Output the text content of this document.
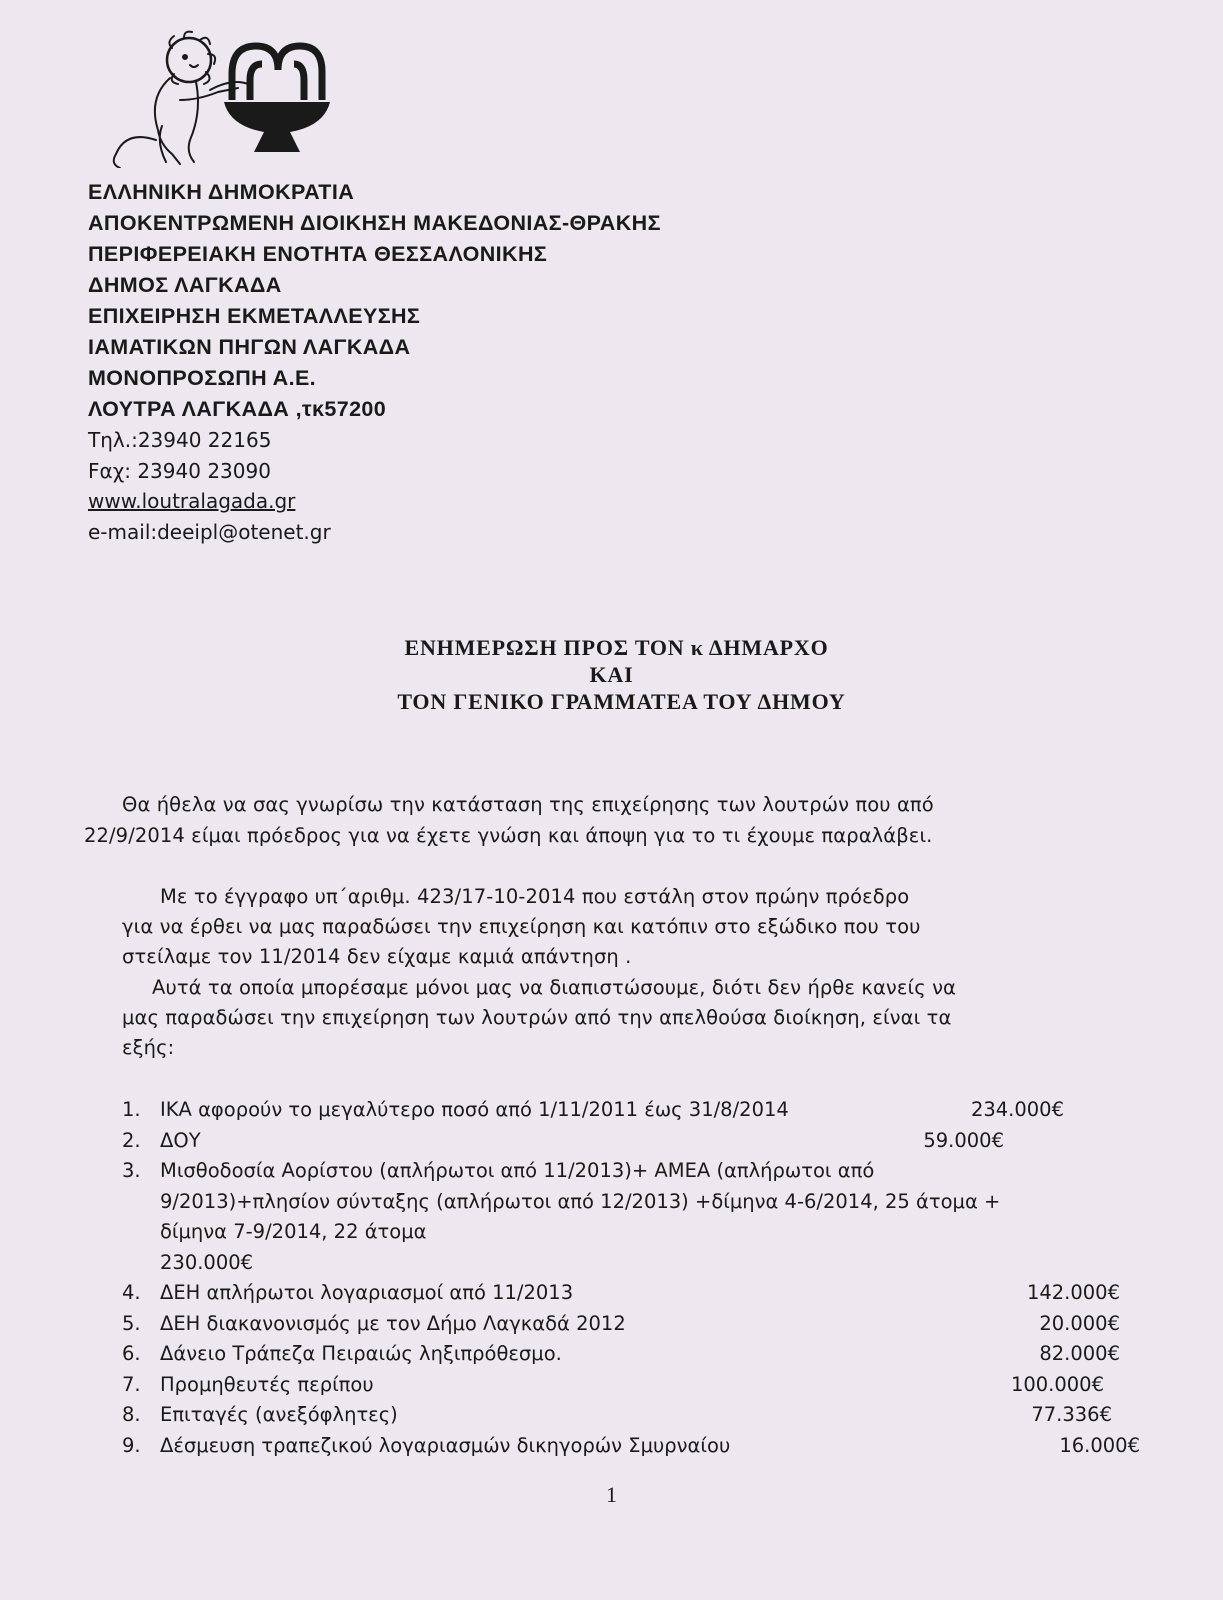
ΕΛΛΗΝΙΚΗ ΔΗΜΟΚΡΑΤΙΑ
ΑΠΟΚΕΝΤΡΩΜΕΝΗ ΔΙΟΙΚΗΣΗ ΜΑΚΕΔΟΝΙΑΣ-ΘΡΑΚΗΣ
ΠΕΡΙΦΕΡΕΙΑΚΗ ΕΝΟΤΗΤΑ ΘΕΣΣΑΛΟΝΙΚΗΣ
ΔΗΜΟΣ ΛΑΓΚΑΔΑ
ΕΠΙΧΕΙΡΗΣΗ ΕΚΜΕΤΑΛΛΕΥΣΗΣ
ΙΑΜΑΤΙΚΩΝ ΠΗΓΩΝ ΛΑΓΚΑΔΑ
ΜΟΝΟΠΡΟΣΩΠΗ Α.Ε.
ΛΟΥΤΡΑ ΛΑΓΚΑΔΑ ,τκ57200
Τηλ.:23940 22165
Fαχ: 23940 23090
www.loutralagada.gr
e-mail:deeipl@otenet.gr
ΕΝΗΜΕΡΩΣΗ ΠΡΟΣ ΤΟΝ κ ΔΗΜΑΡΧΟ
ΚΑΙ
ΤΟΝ ΓΕΝΙΚΟ ΓΡΑΜΜΑΤΕΑ ΤΟΥ ΔΗΜΟΥ
Θα ήθελα να σας γνωρίσω την κατάσταση της επιχείρησης των λουτρών που από
22/9/2014 είμαι πρόεδρος για να έχετε γνώση και άποψη για το τι έχουμε παραλάβει.
Με το έγγραφο υπ΄αριθμ. 423/17-10-2014 που εστάλη στον πρώην πρόεδρο
για να έρθει να μας παραδώσει την επιχείρηση και κατόπιν στο εξώδικο που του
στείλαμε τον 11/2014 δεν είχαμε καμιά απάντηση .
Αυτά τα οποία μπορέσαμε μόνοι μας να διαπιστώσουμε, διότι δεν ήρθε κανείς να
μας παραδώσει την επιχείρηση των λουτρών από την απελθούσα διοίκηση, είναι τα
εξής:
1. ΙΚΑ αφορούν το μεγαλύτερο ποσό από 1/11/2011 έως 31/8/2014	234.000€
2. ΔΟΥ	59.000€
3. Μισθοδοσία Αορίστου (απλήρωτοι από 11/2013)+ ΑΜΕΑ (απλήρωτοι από 9/2013)+πλησίον σύνταξης (απλήρωτοι από 12/2013) +δίμηνα 4-6/2014, 25 άτομα + δίμηνα 7-9/2014, 22 άτομα
230.000€
4. ΔΕΗ απλήρωτοι λογαριασμοί από 11/2013	142.000€
5. ΔΕΗ διακανονισμός με τον Δήμο Λαγκαδά 2012	20.000€
6. Δάνειο Τράπεζα Πειραιώς ληξιπρόθεσμο.	82.000€
7. Προμηθευτές περίπου	100.000€
8. Επιταγές (ανεξόφλητες)	77.336€
9. Δέσμευση τραπεζικού λογαριασμών δικηγορών Σμυρναίου	16.000€
1
